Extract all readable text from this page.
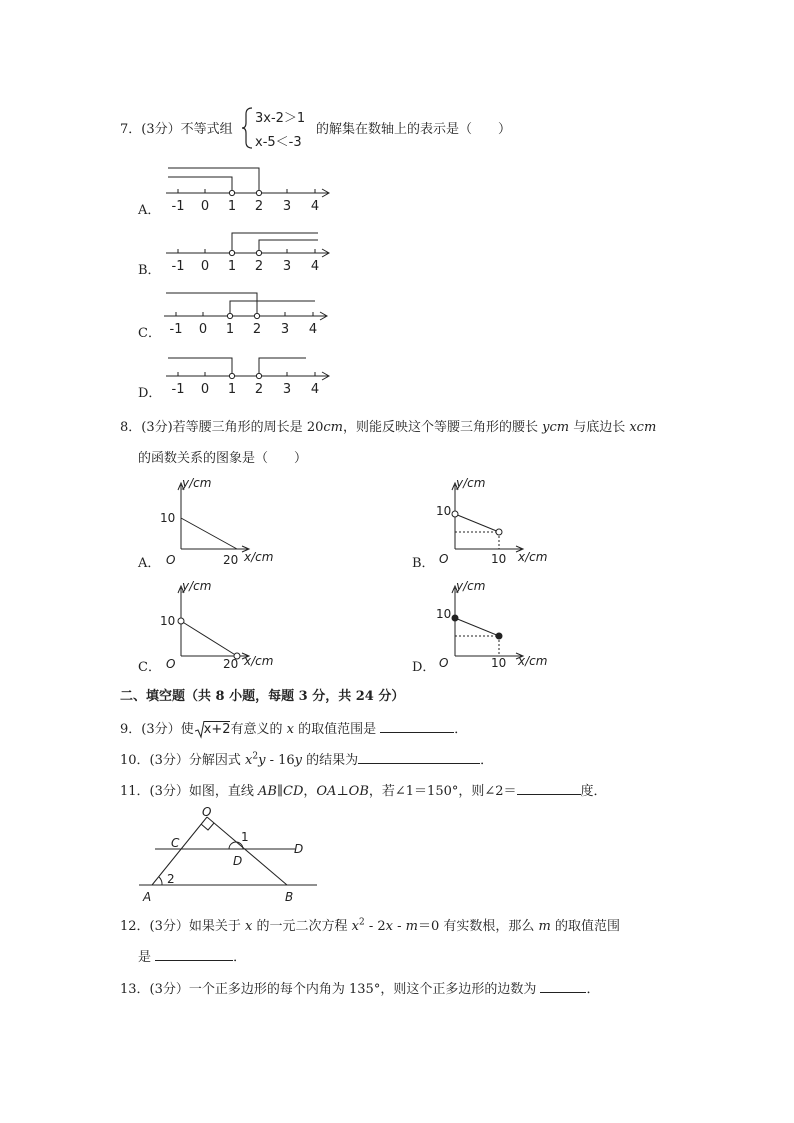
7．(3分）不等式组
3x-2＞1
x-5＜-3
的解集在数轴上的表示是（　　）
A． -1 0 1 2 3 4
B． -1 0 1 2 3 4
C． -1 0 1 2 3 4
D． -1 0 1 2 3 4
8．(3分)若等腰三角形的周长是 20cm，则能反映这个等腰三角形的腰长 ycm 与底边长 xcm
的函数关系的图象是（　　）
A．
y/cm
10
O	20 x/cm	B．
y/cm
10
O	10 x/cm
C．
y/cm
10
O	20 x/cm	D．
y/cm
10
O	10 x/cm
二、填空题（共 8 小题，每题 3 分，共 24 分）
9．(3分）使 x+2有意义的 x 的取值范围是	．
10．(3分）分解因式 $x^2y - 16y$ 的结果为	．
11．(3分）如图，直线 AB∥CD，OA⊥OB，若∠1＝150°，则∠2＝	度．
O
C
D
D
A	B
1
2
12．(3分）如果关于 x 的一元二次方程 $x^2 - 2x - m=0$ 有实数根，那么 m 的取值范围
是	．
13．(3分）一个正多边形的每个内角为 135°，则这个正多边形的边数为	．
